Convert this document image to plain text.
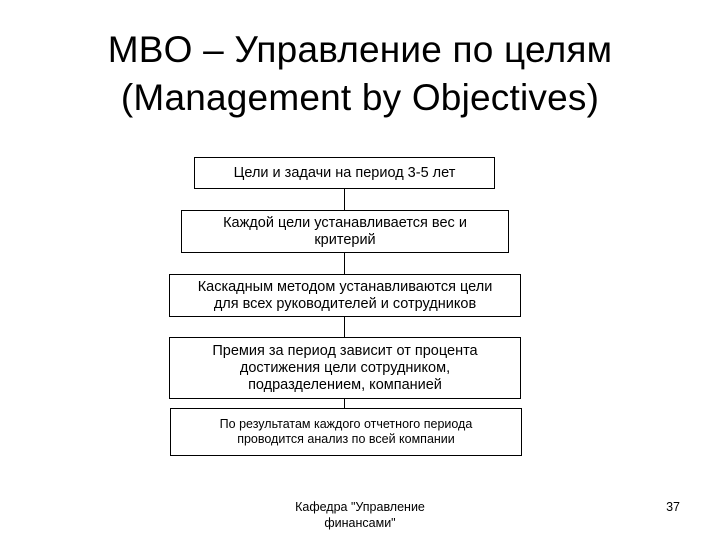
MBO – Управление по целям
(Management by Objectives)
Цели и задачи на период 3-5 лет
Каждой цели устанавливается вес и
критерий
Каскадным методом устанавливаются цели
для всех руководителей и сотрудников
Премия за период зависит от процента
достижения цели сотрудником,
подразделением, компанией
По результатам каждого отчетного периода
проводится анализ по всей компании
Кафедра "Управление
финансами"
37
